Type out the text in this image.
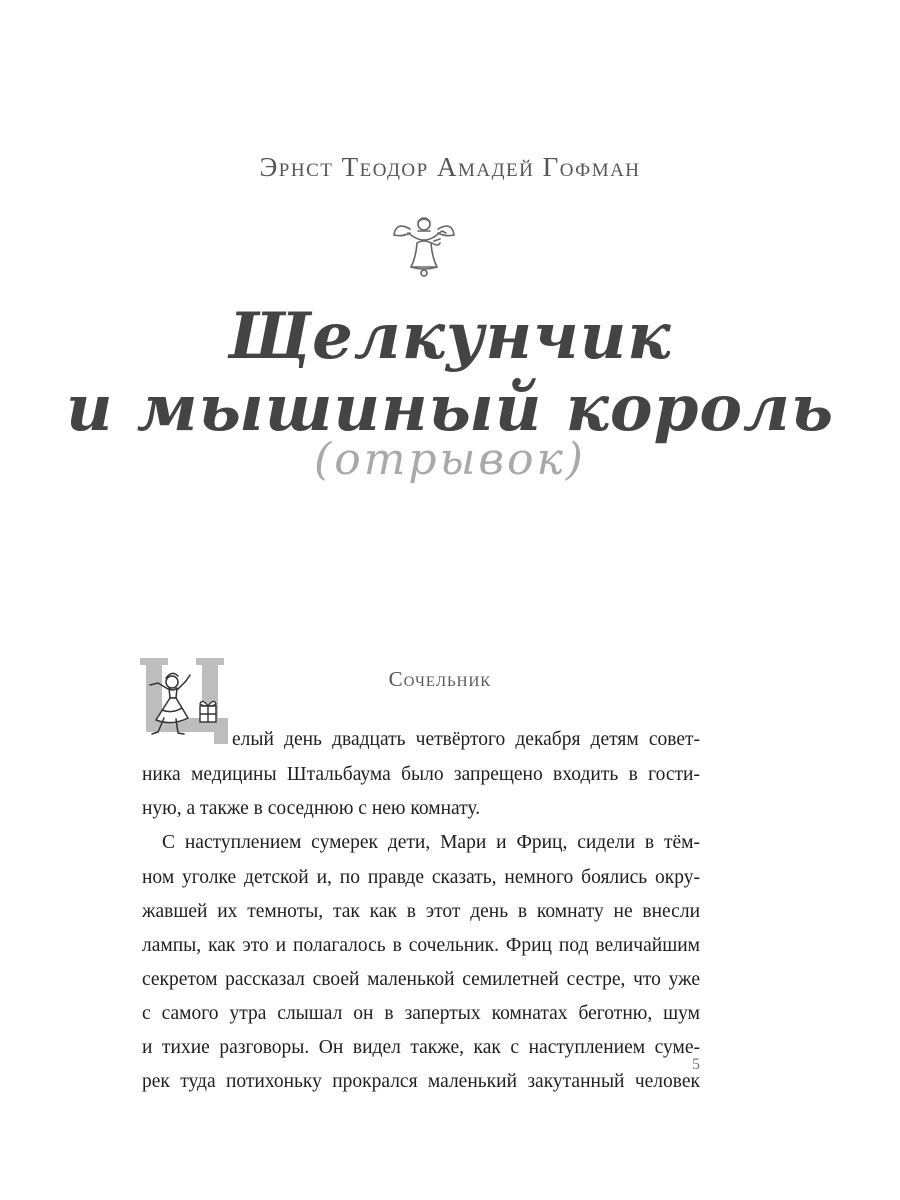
Эрнст Теодор Амадей Гофман
Щелкунчик
и мышиный король
(отрывок)
Сочельник
елый день двадцать четвёртого декабря детям совет-
ника медицины Штальбаума было запрещено входить в гости-
ную, а также в соседнюю с нею комнату.
С наступлением сумерек дети, Мари и Фриц, сидели в тём-
ном уголке детской и, по правде сказать, немного боялись окру-
жавшей их темноты, так как в этот день в комнату не внесли
лампы, как это и полагалось в сочельник. Фриц под величайшим
секретом рассказал своей маленькой семилетней сестре, что уже
с самого утра слышал он в запертых комнатах беготню, шум
и тихие разговоры. Он видел также, как с наступлением суме-
рек туда потихоньку прокрался маленький закутанный человек
5
